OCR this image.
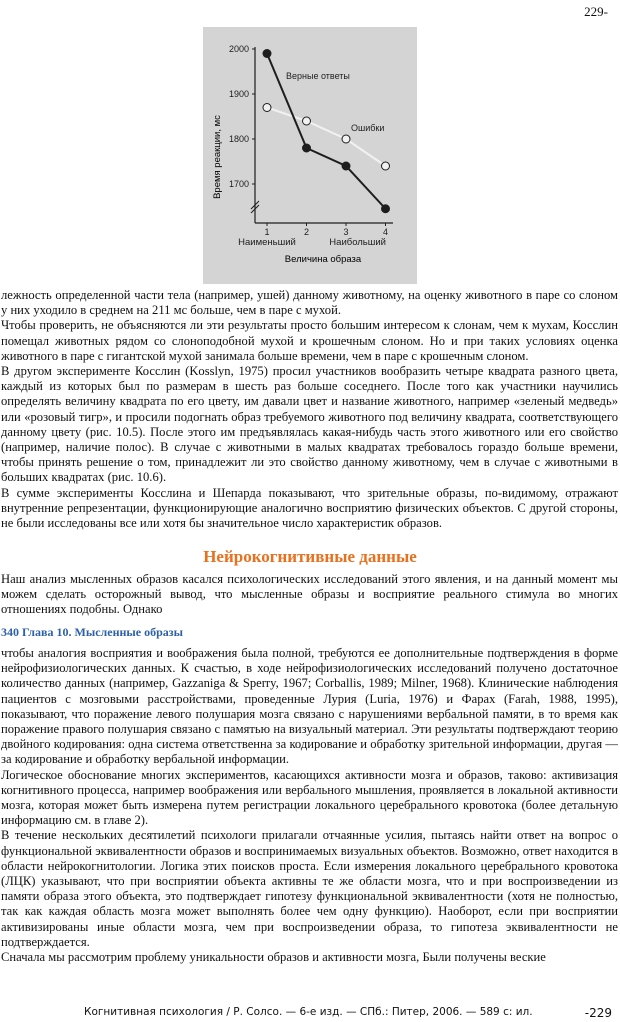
229-
Время реакции, мс
2000
1900
1800
1700
1	2	3	4
Верные ответы
Ошибки
Наименьший	Наибольший
Величина образа

лежность определенной части тела (например, ушей) данному животному, на оценку животного в паре со слоном у них уходило в среднем на 211 мс больше, чем в паре с мухой.

Чтобы проверить, не объясняются ли эти результаты просто большим интересом к слонам, чем к мухам, Косслин помещал животных рядом со слоноподобной мухой и крошечным слоном. Но и при таких условиях оценка животного в паре с гигантской мухой занимала больше времени, чем в паре с крошечным слоном.

В другом эксперименте Косслин (Kosslyn, 1975) просил участников вообразить четыре квадрата разного цвета, каждый из которых был по размерам в шесть раз больше соседнего. После того как участники научились определять величину квадрата по его цвету, им давали цвет и название животного, например «зеленый медведь» или «розовый тигр», и просили подогнать образ требуемого животного под величину квадрата, соответствующего данному цвету (рис. 10.5). После этого им предъявлялась какая-нибудь часть этого животного или его свойство (например, наличие полос). В случае с животными в малых квадратах требовалось гораздо больше времени, чтобы принять решение о том, принадлежит ли это свойство данному животному, чем в случае с животными в больших квадратах (рис. 10.6).

В сумме эксперименты Косслина и Шепарда показывают, что зрительные образы, по-видимому, отражают внутренние репрезентации, функционирующие аналогично восприятию физических объектов. С другой стороны, не были исследованы все или хотя бы значительное число характеристик образов.

Нейрокогнитивные данные

Наш анализ мысленных образов касался психологических исследований этого явления, и на данный момент мы можем сделать осторожный вывод, что мысленные образы и восприятие реального стимула во многих отношениях подобны. Однако

340 Глава 10. Мысленные образы

чтобы аналогия восприятия и воображения была полной, требуются ее дополнительные подтверждения в форме нейрофизиологических данных. К счастью, в ходе нейрофизиологических исследований получено достаточное количество данных (например, Gazzaniga & Sperry, 1967; Corballis, 1989; Milner, 1968). Клинические наблюдения пациентов с мозговыми расстройствами, проведенные Лурия (Luria, 1976) и Фарах (Farah, 1988, 1995), показывают, что поражение левого полушария мозга связано с нарушениями вербальной памяти, в то время как поражение правого полушария связано с памятью на визуальный материал. Эти результаты подтверждают теорию двойного кодирования: одна система ответственна за кодирование и обработку зрительной информации, другая — за кодирование и обработку вербальной информации.

Логическое обоснование многих экспериментов, касающихся активности мозга и образов, таково: активизация когнитивного процесса, например воображения или вербального мышления, проявляется в локальной активности мозга, которая может быть измерена путем регистрации локального церебрального кровотока (более детальную информацию см. в главе 2).

В течение нескольких десятилетий психологи прилагали отчаянные усилия, пытаясь найти ответ на вопрос о функциональной эквивалентности образов и воспринимаемых визуальных объектов. Возможно, ответ находится в области нейрокогнитологии. Логика этих поисков проста. Если измерения локального церебрального кровотока (ЛЦК) указывают, что при восприятии объекта активны те же области мозга, что и при воспроизведении из памяти образа этого объекта, это подтверждает гипотезу функциональной эквивалентности (хотя не полностью, так как каждая область мозга может выполнять более чем одну функцию). Наоборот, если при восприятии активизированы иные области мозга, чем при воспроизведении образа, то гипотеза эквивалентности не подтверждается.

Сначала мы рассмотрим проблему уникальности образов и активности мозга, Были получены веские

Когнитивная психология / Р. Солсо. — 6-е изд. — СПб.: Питер, 2006. — 589 с: ил.	-229
